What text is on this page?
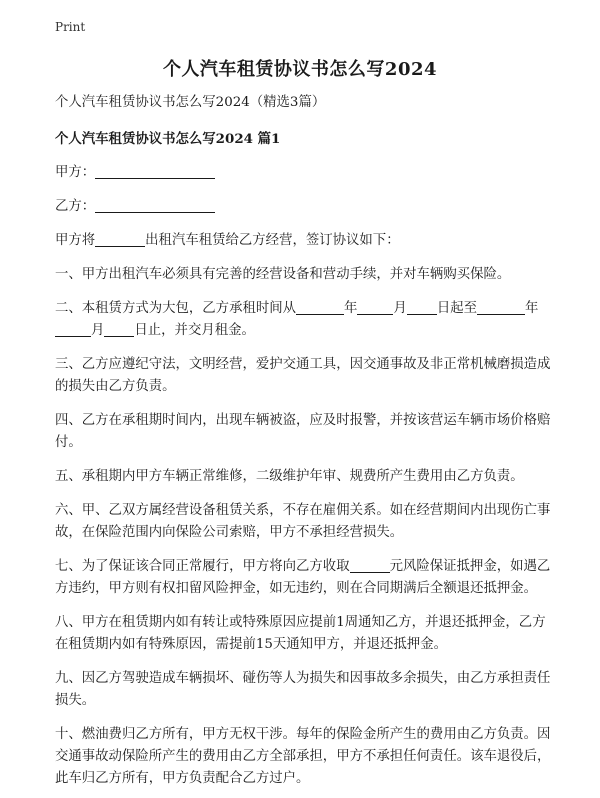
Print
个人汽车租赁协议书怎么写2024
个人汽车租赁协议书怎么写2024（精选3篇）
个人汽车租赁协议书怎么写2024 篇1
甲方：
乙方：
甲方将	出租汽车租赁给乙方经营，签订协议如下：
一、甲方出租汽车必须具有完善的经营设备和营动手续，并对车辆购买保险。
二、本租赁方式为大包，乙方承租时间从	年	月 日起至	年
月 日止，并交月租金。
三、乙方应遵纪守法，文明经营，爱护交通工具，因交通事故及非正常机械磨损造成的损失由乙方负责。
四、乙方在承租期时间内，出现车辆被盗，应及时报警，并按该营运车辆市场价格赔付。
五、承租期内甲方车辆正常维修，二级维护年审、规费所产生费用由乙方负责。
六、甲、乙双方属经营设备租赁关系，不存在雇佣关系。如在经营期间内出现伤亡事故，在保险范围内向保险公司索赔，甲方不承担经营损失。
七、为了保证该合同正常履行，甲方将向乙方收取	元风险保证抵押金，如遇乙方违约，甲方则有权扣留风险押金，如无违约，则在合同期满后全额退还抵押金。
八、甲方在租赁期内如有转让或特殊原因应提前1周通知乙方，并退还抵押金，乙方在租赁期内如有特殊原因，需提前15天通知甲方，并退还抵押金。
九、因乙方驾驶造成车辆损坏、碰伤等人为损失和因事故多余损失，由乙方承担责任损失。
十、燃油费归乙方所有，甲方无权干涉。每年的保险金所产生的费用由乙方负责。因交通事故动保险所产生的费用由乙方全部承担，甲方不承担任何责任。该车退役后，此车归乙方所有，甲方负责配合乙方过户。
